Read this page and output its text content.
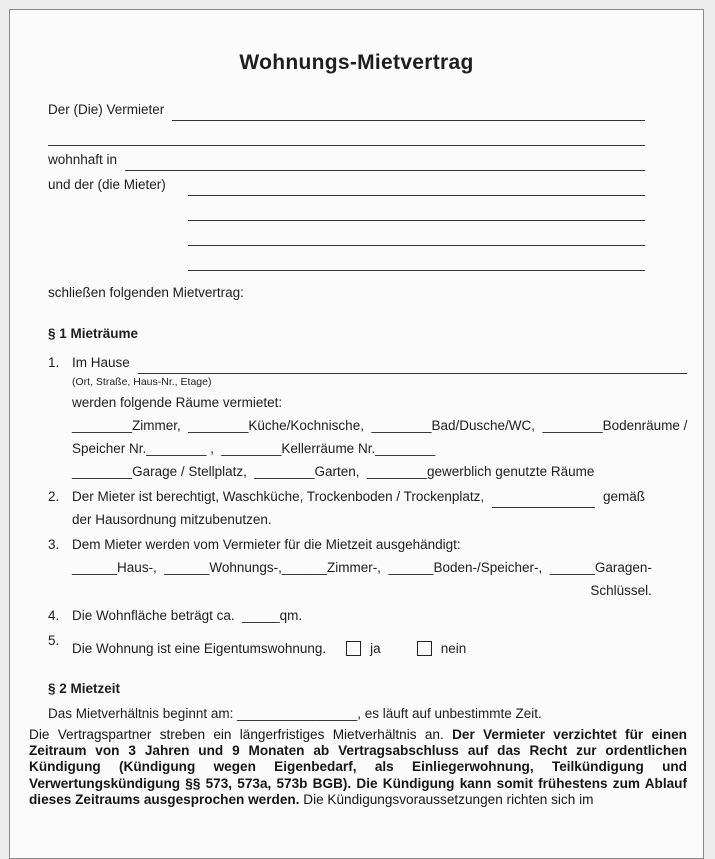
Wohnungs-Mietvertrag
Der (Die) Vermieter
wohnhaft in
und der (die Mieter)
schließen folgenden Mietvertrag:
§ 1 Mieträume
1. Im Hause
(Ort, Straße, Haus-Nr., Etage)
werden folgende Räume vermietet:
________Zimmer,  ________Küche/Kochnische,  ________Bad/Dusche/WC,  ________Bodenräume /
Speicher Nr.________ ,  ________Kellerräume Nr.________
________Garage / Stellplatz,  ________Garten,  ________gewerblich genutzte Räume
2. Der Mieter ist berechtigt, Waschküche, Trockenboden / Trockenplatz,	gemäß
der Hausordnung mitzubenutzen.
3. Dem Mieter werden vom Vermieter für die Mietzeit ausgehändigt:
______Haus-,  ______Wohnungs-,______Zimmer-,  ______Boden-/Speicher-,  ______Garagen-
Schlüssel.
4. Die Wohnfläche beträgt ca.  _____qm.
5. Die Wohnung ist eine Eigentumswohnung.	ja	nein
§ 2 Mietzeit
Das Mietverhältnis beginnt am: ________________, es läuft auf unbestimmte Zeit.
Die Vertragspartner streben ein längerfristiges Mietverhältnis an. Der Vermieter verzichtet für einen Zeitraum von 3 Jahren und 9 Monaten ab Vertragsabschluss auf das Recht zur ordentlichen Kündigung (Kündigung wegen Eigenbedarf, als Einliegerwohnung, Teilkündigung und Verwertungskündigung §§ 573, 573a, 573b BGB). Die Kündigung kann somit frühestens zum Ablauf dieses Zeitraums ausgesprochen werden. Die Kündigungsvoraussetzungen richten sich im
